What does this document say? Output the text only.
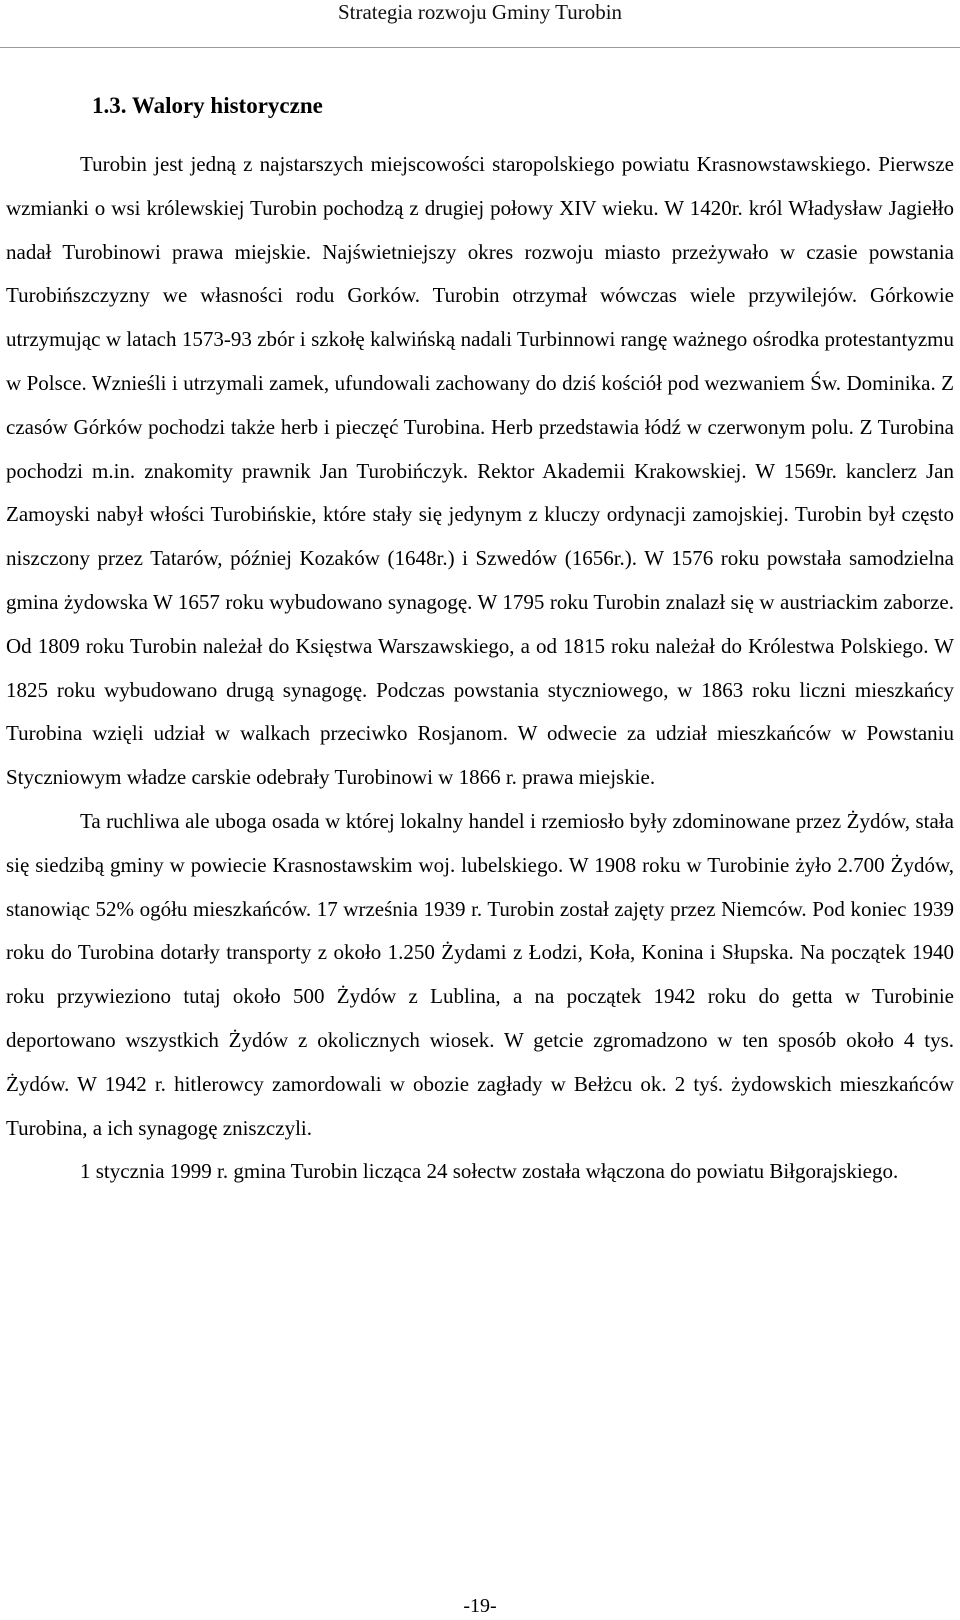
Strategia rozwoju Gminy Turobin
1.3. Walory historyczne

Turobin jest jedną z najstarszych miejscowości staropolskiego powiatu Krasnowstawskiego. Pierwsze wzmianki o wsi królewskiej Turobin pochodzą z drugiej połowy XIV wieku. W 1420r. król Władysław Jagiełło nadał Turobinowi prawa miejskie. Najświetniejszy okres rozwoju miasto przeżywało w czasie powstania Turobińszczyzny we własności rodu Gorków. Turobin otrzymał wówczas wiele przywilejów. Górkowie utrzymując w latach 1573-93 zbór i szkołę kalwińską nadali Turbinnowi rangę ważnego ośrodka protestantyzmu w Polsce. Wznieśli i utrzymali zamek, ufundowali zachowany do dziś kościół pod wezwaniem Św. Dominika. Z czasów Górków pochodzi także herb i pieczęć Turobina. Herb przedstawia łódź w czerwonym polu. Z Turobina pochodzi m.in. znakomity prawnik Jan Turobińczyk. Rektor Akademii Krakowskiej. W 1569r. kanclerz Jan Zamoyski nabył włości Turobińskie, które stały się jedynym z kluczy ordynacji zamojskiej. Turobin był często niszczony przez Tatarów, później Kozaków (1648r.) i Szwedów (1656r.). W 1576 roku powstała samodzielna gmina żydowska W 1657 roku wybudowano synagogę. W 1795 roku Turobin znalazł się w austriackim zaborze. Od 1809 roku Turobin należał do Księstwa Warszawskiego, a od 1815 roku należał do Królestwa Polskiego. W 1825 roku wybudowano drugą synagogę. Podczas powstania styczniowego, w 1863 roku liczni mieszkańcy Turobina wzięli udział w walkach przeciwko Rosjanom. W odwecie za udział mieszkańców w Powstaniu Styczniowym władze carskie odebrały Turobinowi w 1866 r. prawa miejskie.

Ta ruchliwa ale uboga osada w której lokalny handel i rzemiosło były zdominowane przez Żydów, stała się siedzibą gminy w powiecie Krasnostawskim woj. lubelskiego. W 1908 roku w Turobinie żyło 2.700 Żydów, stanowiąc 52% ogółu mieszkańców. 17 września 1939 r. Turobin został zajęty przez Niemców. Pod koniec 1939 roku do Turobina dotarły transporty z około 1.250 Żydami z Łodzi, Koła, Konina i Słupska. Na początek 1940 roku przywieziono tutaj około 500 Żydów z Lublina, a na początek 1942 roku do getta w Turobinie deportowano wszystkich Żydów z okolicznych wiosek. W getcie zgromadzono w ten sposób około 4 tys. Żydów. W 1942 r. hitlerowcy zamordowali w obozie zagłady w Bełżcu ok. 2 tyś. żydowskich mieszkańców Turobina, a ich synagogę zniszczyli.

1 stycznia 1999 r. gmina Turobin licząca 24 sołectw została włączona do powiatu Biłgorajskiego.

-19-
